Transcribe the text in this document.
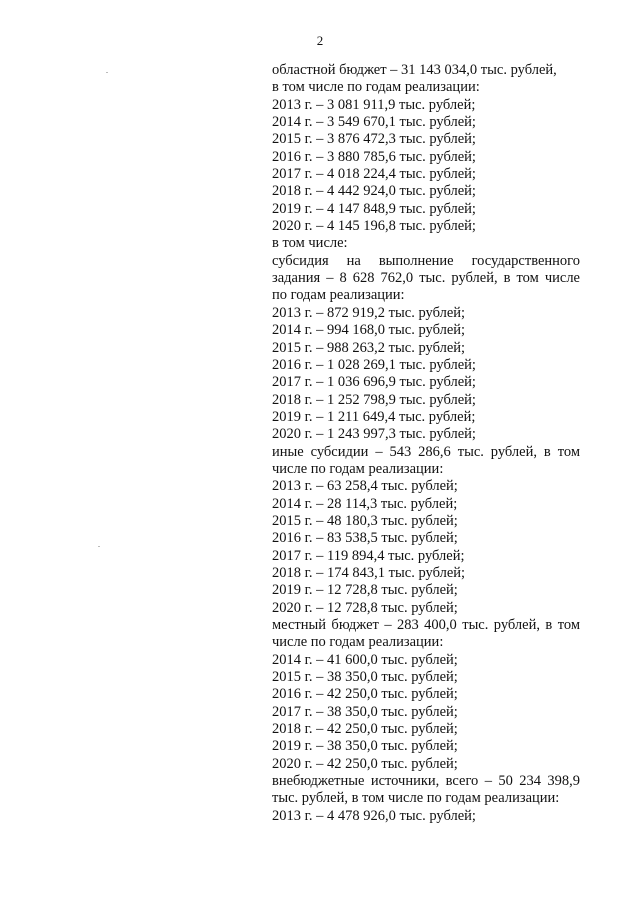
2
областной бюджет – 31 143 034,0 тыс. рублей,
в том числе по годам реализации:
2013 г. – 3 081 911,9 тыс. рублей;
2014 г. – 3 549 670,1 тыс. рублей;
2015 г. – 3 876 472,3 тыс. рублей;
2016 г. – 3 880 785,6 тыс. рублей;
2017 г. – 4 018 224,4 тыс. рублей;
2018 г. – 4 442 924,0 тыс. рублей;
2019 г. – 4 147 848,9 тыс. рублей;
2020 г. – 4 145 196,8 тыс. рублей;
в том числе:
субсидия на выполнение государственного
задания – 8 628 762,0 тыс. рублей, в том числе
по годам реализации:
2013 г. – 872 919,2 тыс. рублей;
2014 г. – 994 168,0 тыс. рублей;
2015 г. – 988 263,2 тыс. рублей;
2016 г. – 1 028 269,1 тыс. рублей;
2017 г. – 1 036 696,9 тыс. рублей;
2018 г. – 1 252 798,9 тыс. рублей;
2019 г. – 1 211 649,4 тыс. рублей;
2020 г. – 1 243 997,3 тыс. рублей;
иные субсидии – 543 286,6 тыс. рублей, в том
числе по годам реализации:
2013 г. – 63 258,4 тыс. рублей;
2014 г. – 28 114,3 тыс. рублей;
2015 г. – 48 180,3 тыс. рублей;
2016 г. – 83 538,5 тыс. рублей;
2017 г. – 119 894,4 тыс. рублей;
2018 г. – 174 843,1 тыс. рублей;
2019 г. – 12 728,8 тыс. рублей;
2020 г. – 12 728,8 тыс. рублей;
местный бюджет – 283 400,0 тыс. рублей, в том
числе по годам реализации:
2014 г. – 41 600,0 тыс. рублей;
2015 г. – 38 350,0 тыс. рублей;
2016 г. – 42 250,0 тыс. рублей;
2017 г. – 38 350,0 тыс. рублей;
2018 г. – 42 250,0 тыс. рублей;
2019 г. – 38 350,0 тыс. рублей;
2020 г. – 42 250,0 тыс. рублей;
внебюджетные источники, всего – 50 234 398,9
тыс. рублей, в том числе по годам реализации:
2013 г. – 4 478 926,0 тыс. рублей;
